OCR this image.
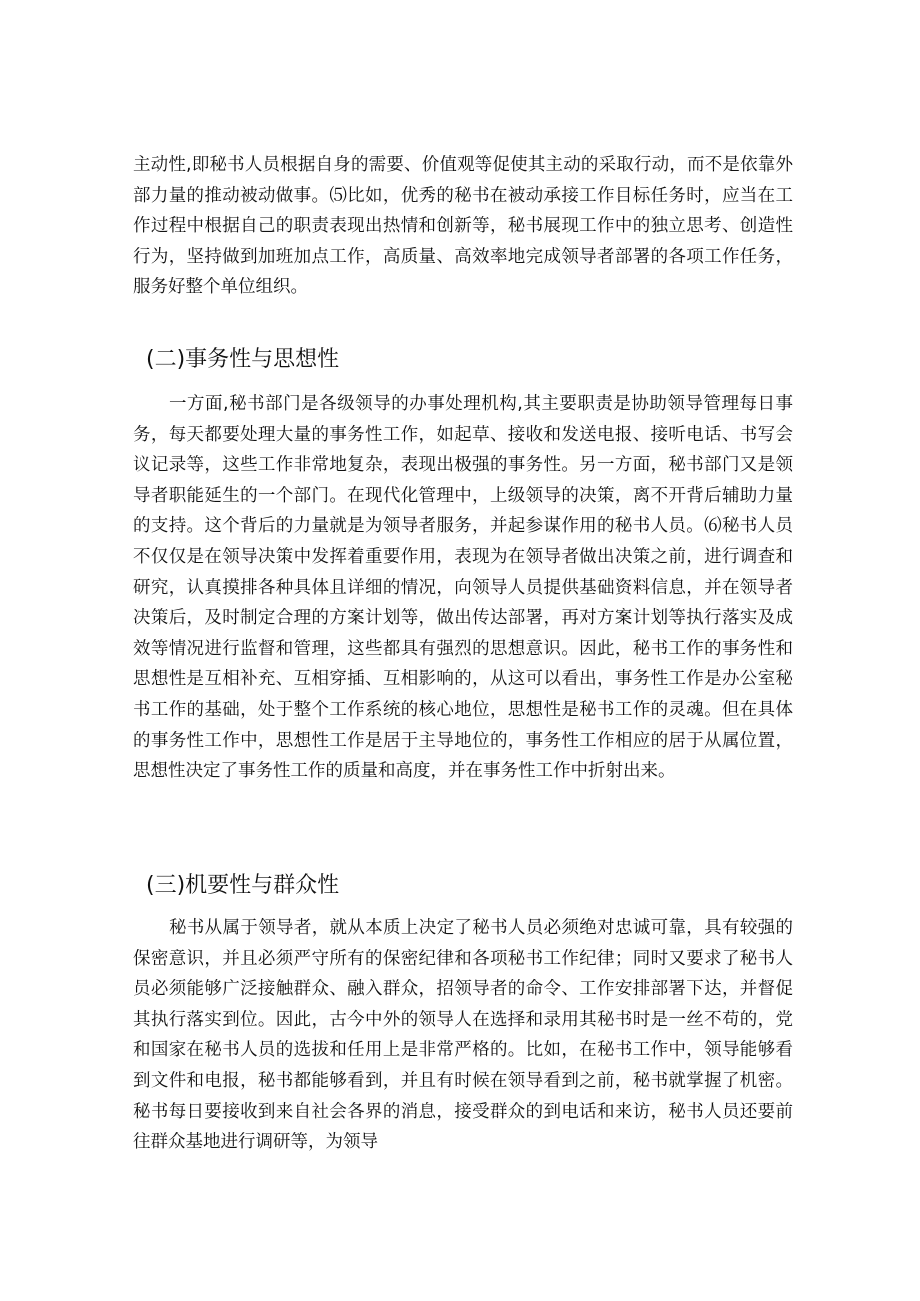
主动性,即秘书人员根据自身的需要、价值观等促使其主动的采取行动，而不是依靠外部力量的推动被动做事。⑸比如，优秀的秘书在被动承接工作目标任务时，应当在工作过程中根据自己的职责表现出热情和创新等，秘书展现工作中的独立思考、创造性行为，坚持做到加班加点工作，高质量、高效率地完成领导者部署的各项工作任务，服务好整个单位组织。

(二)事务性与思想性

一方面,秘书部门是各级领导的办事处理机构,其主要职责是协助领导管理每日事务，每天都要处理大量的事务性工作，如起草、接收和发送电报、接听电话、书写会议记录等，这些工作非常地复杂，表现出极强的事务性。另一方面，秘书部门又是领导者职能延生的一个部门。在现代化管理中，上级领导的决策，离不开背后辅助力量的支持。这个背后的力量就是为领导者服务，并起参谋作用的秘书人员。⑹秘书人员不仅仅是在领导决策中发挥着重要作用，表现为在领导者做出决策之前，进行调查和研究，认真摸排各种具体且详细的情况，向领导人员提供基础资料信息，并在领导者决策后，及时制定合理的方案计划等，做出传达部署，再对方案计划等执行落实及成效等情况进行监督和管理，这些都具有强烈的思想意识。因此，秘书工作的事务性和思想性是互相补充、互相穿插、互相影响的，从这可以看出，事务性工作是办公室秘书工作的基础，处于整个工作系统的核心地位，思想性是秘书工作的灵魂。但在具体的事务性工作中，思想性工作是居于主导地位的，事务性工作相应的居于从属位置，思想性决定了事务性工作的质量和高度，并在事务性工作中折射出来。

(三)机要性与群众性

秘书从属于领导者，就从本质上决定了秘书人员必须绝对忠诚可靠，具有较强的保密意识，并且必须严守所有的保密纪律和各项秘书工作纪律；同时又要求了秘书人员必须能够广泛接触群众、融入群众，招领导者的命令、工作安排部署下达，并督促其执行落实到位。因此，古今中外的领导人在选择和录用其秘书时是一丝不苟的，党和国家在秘书人员的选拔和任用上是非常严格的。比如，在秘书工作中，领导能够看到文件和电报，秘书都能够看到，并且有时候在领导看到之前，秘书就掌握了机密。秘书每日要接收到来自社会各界的消息，接受群众的到电话和来访，秘书人员还要前往群众基地进行调研等，为领导
